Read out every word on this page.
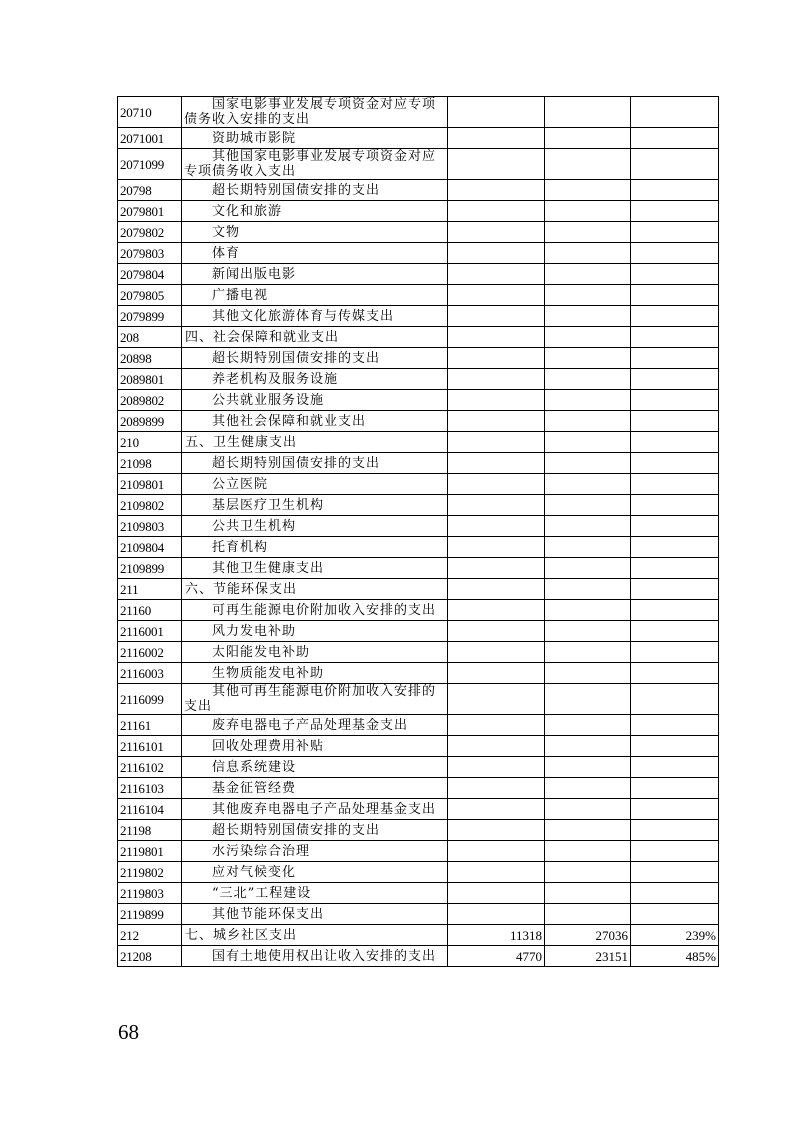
20710	国家电影事业发展专项资金对应专项债务收入安排的支出			
2071001	资助城市影院			
2071099	其他国家电影事业发展专项资金对应专项债务收入支出			
20798	超长期特别国债安排的支出			
2079801	文化和旅游			
2079802	文物			
2079803	体育			
2079804	新闻出版电影			
2079805	广播电视			
2079899	其他文化旅游体育与传媒支出			
208	四、社会保障和就业支出			
20898	超长期特别国债安排的支出			
2089801	养老机构及服务设施			
2089802	公共就业服务设施			
2089899	其他社会保障和就业支出			
210	五、卫生健康支出			
21098	超长期特别国债安排的支出			
2109801	公立医院			
2109802	基层医疗卫生机构			
2109803	公共卫生机构			
2109804	托育机构			
2109899	其他卫生健康支出			
211	六、节能环保支出			
21160	可再生能源电价附加收入安排的支出			
2116001	风力发电补助			
2116002	太阳能发电补助			
2116003	生物质能发电补助			
2116099	其他可再生能源电价附加收入安排的支出			
21161	废弃电器电子产品处理基金支出			
2116101	回收处理费用补贴			
2116102	信息系统建设			
2116103	基金征管经费			
2116104	其他废弃电器电子产品处理基金支出			
21198	超长期特别国债安排的支出			
2119801	水污染综合治理			
2119802	应对气候变化			
2119803	“三北”工程建设			
2119899	其他节能环保支出			
212	七、城乡社区支出	11318	27036	239%
21208	国有土地使用权出让收入安排的支出	4770	23151	485%
68
